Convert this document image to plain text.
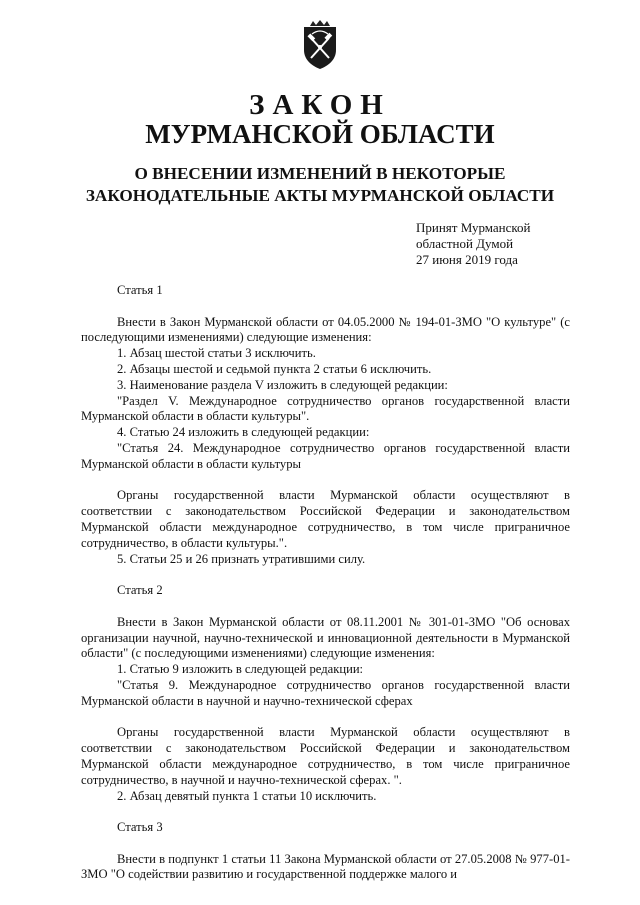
ЗАКОН
МУРМАНСКОЙ ОБЛАСТИ
О ВНЕСЕНИИ ИЗМЕНЕНИЙ В НЕКОТОРЫЕ
ЗАКОНОДАТЕЛЬНЫЕ АКТЫ МУРМАНСКОЙ ОБЛАСТИ
Принят Мурманской
областной Думой
27 июня 2019 года

Статья 1

Внести в Закон Мурманской области от 04.05.2000 № 194-01-ЗМО "О культуре" (с последующими изменениями) следующие изменения:

1. Абзац шестой статьи 3 исключить.

2. Абзацы шестой и седьмой пункта 2 статьи 6 исключить.

3. Наименование раздела V изложить в следующей редакции:

"Раздел V. Международное сотрудничество органов государственной власти Мурманской области в области культуры".

4. Статью 24 изложить в следующей редакции:

"Статья 24. Международное сотрудничество органов государственной власти Мурманской области в области культуры

Органы государственной власти Мурманской области осуществляют в соответствии с законодательством Российской Федерации и законодательством Мурманской области международное сотрудничество, в том числе приграничное сотрудничество, в области культуры.".

5. Статьи 25 и 26 признать утратившими силу.

Статья 2

Внести в Закон Мурманской области от 08.11.2001 № 301-01-ЗМО "Об основах организации научной, научно-технической и инновационной деятельности в Мурманской области" (с последующими изменениями) следующие изменения:

1. Статью 9 изложить в следующей редакции:

"Статья 9. Международное сотрудничество органов государственной власти Мурманской области в научной и научно-технической сферах

Органы государственной власти Мурманской области осуществляют в соответствии с законодательством Российской Федерации и законодательством Мурманской области международное сотрудничество, в том числе приграничное сотрудничество, в научной и научно-технической сферах. ".

2. Абзац девятый пункта 1 статьи 10 исключить.

Статья 3

Внести в подпункт 1 статьи 11 Закона Мурманской области от 27.05.2008 № 977-01-ЗМО "О содействии развитию и государственной поддержке малого и
